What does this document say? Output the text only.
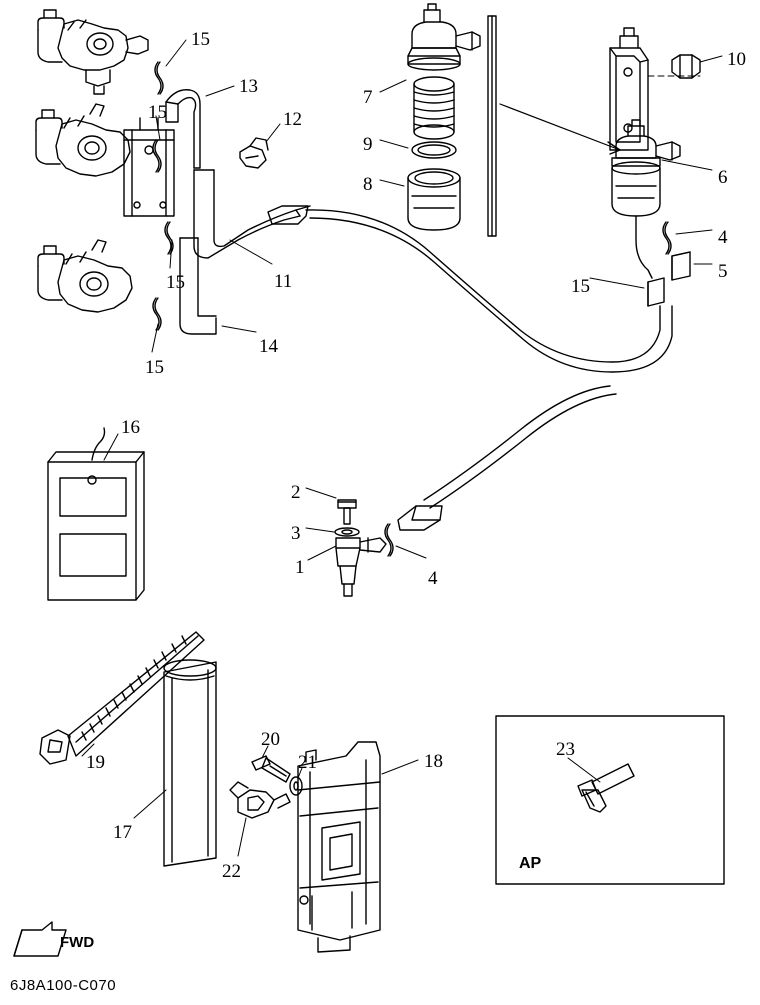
15
13
15	12
7
9
8
10
6
4
5
15
15	11
14
15
16
2
3
1
4
19
17
20
21
22
18
23
FWD
AP
6J8A100-C070
